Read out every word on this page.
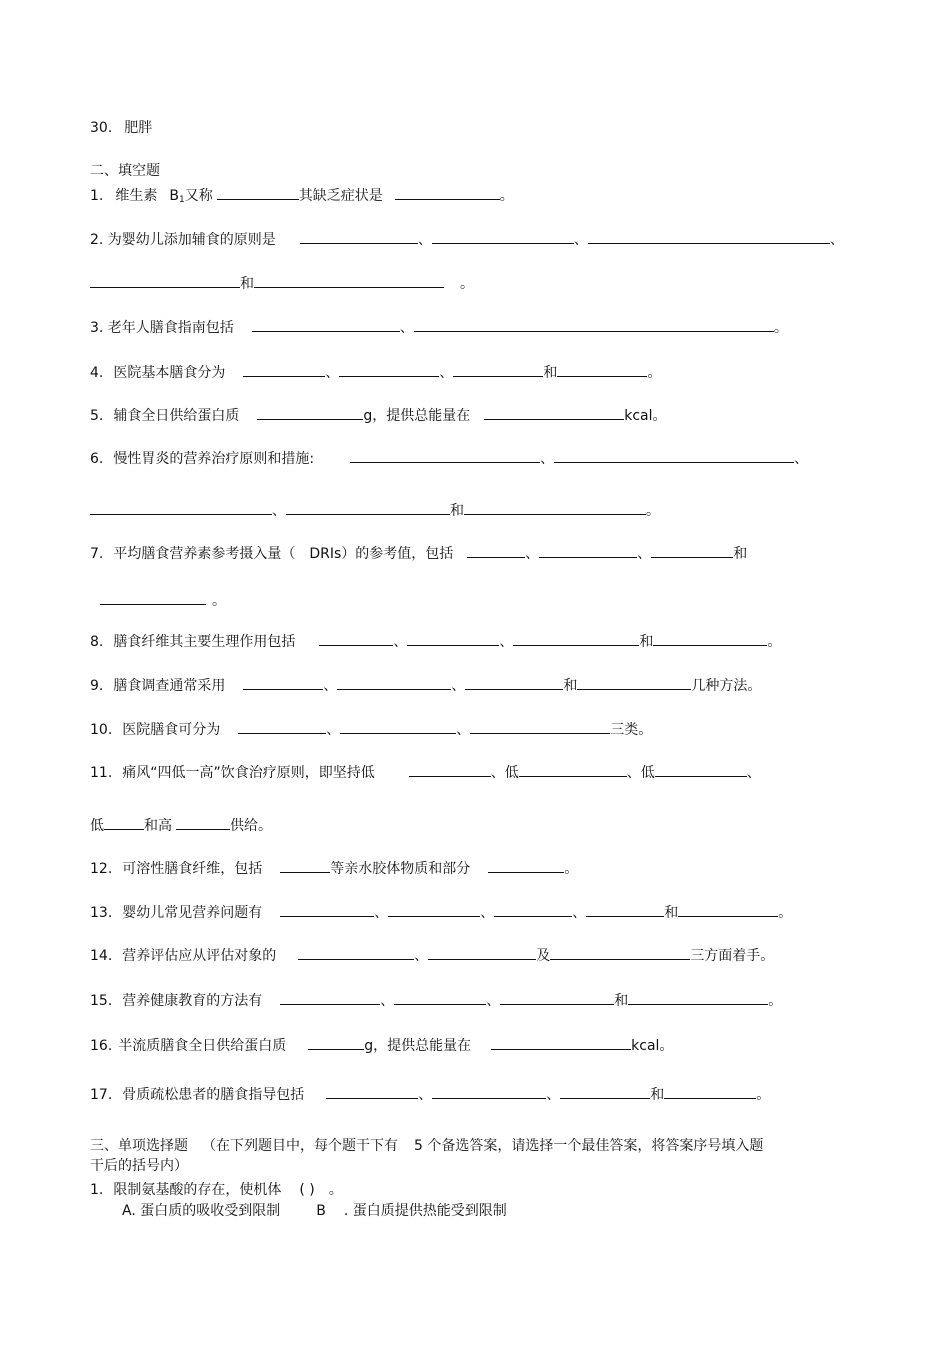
30. 肥胖
二、填空题
1. 维生素 $B_1$又称	其缺乏症状是	。
2. 为婴幼儿添加辅食的原则是	、	、	、
和	。
3. 老年人膳食指南包括	、	。
4. 医院基本膳食分为	、	、	和	。
5. 辅食全日供给蛋白质	g，提供总能量在	kcal。
6. 慢性胃炎的营养治疗原则和措施:	、	、
、	和	。
7. 平均膳食营养素参考摄入量（ DRIs）的参考值，包括	、	、	和
。
8. 膳食纤维其主要生理作用包括	、	、	和	。
9. 膳食调查通常采用	、	、	和	几种方法。
10. 医院膳食可分为	、	、	三类。
11. 痛风“四低一高”饮食治疗原则，即坚持低	、低	、低	、
低	和高	供给。
12. 可溶性膳食纤维，包括	等亲水胶体物质和部分	。
13. 婴幼儿常见营养问题有	、	、	、	和	。
14. 营养评估应从评估对象的	、	及	三方面着手。
15. 营养健康教育的方法有	、	、	和	。
16. 半流质膳食全日供给蛋白质	g，提供总能量在	kcal。
17. 骨质疏松患者的膳食指导包括	、	、	和	。
三、单项选择题 （在下列题目中，每个题干下有 5 个备选答案，请选择一个最佳答案，将答案序号填入题
干后的括号内）
1. 限制氨基酸的存在，使机体 ( ) 。
A. 蛋白质的吸收受到限制	B . 蛋白质提供热能受到限制
